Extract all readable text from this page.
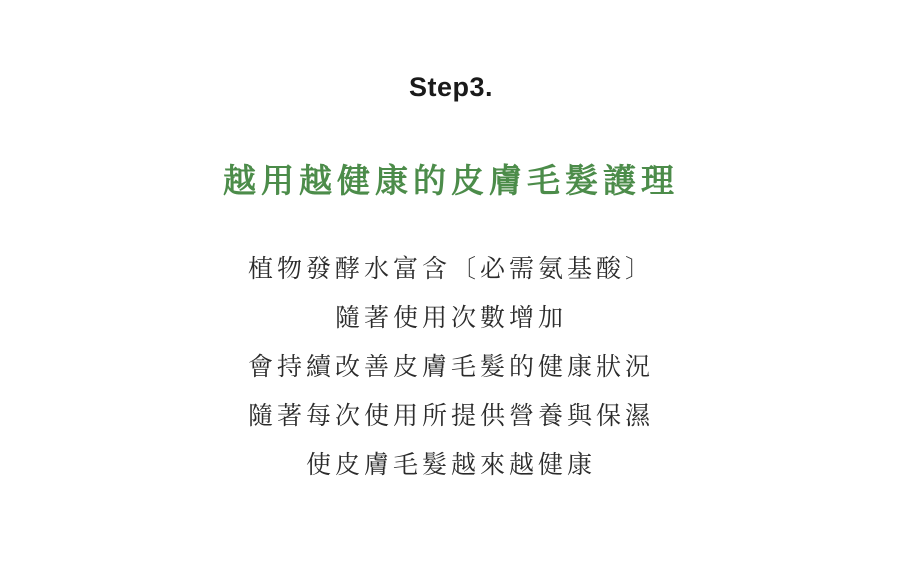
Step3.
越用越健康的皮膚毛髮護理
植物發酵水富含〔必需氨基酸〕
隨著使用次數增加
會持續改善皮膚毛髮的健康狀況
隨著每次使用所提供營養與保濕
使皮膚毛髮越來越健康
